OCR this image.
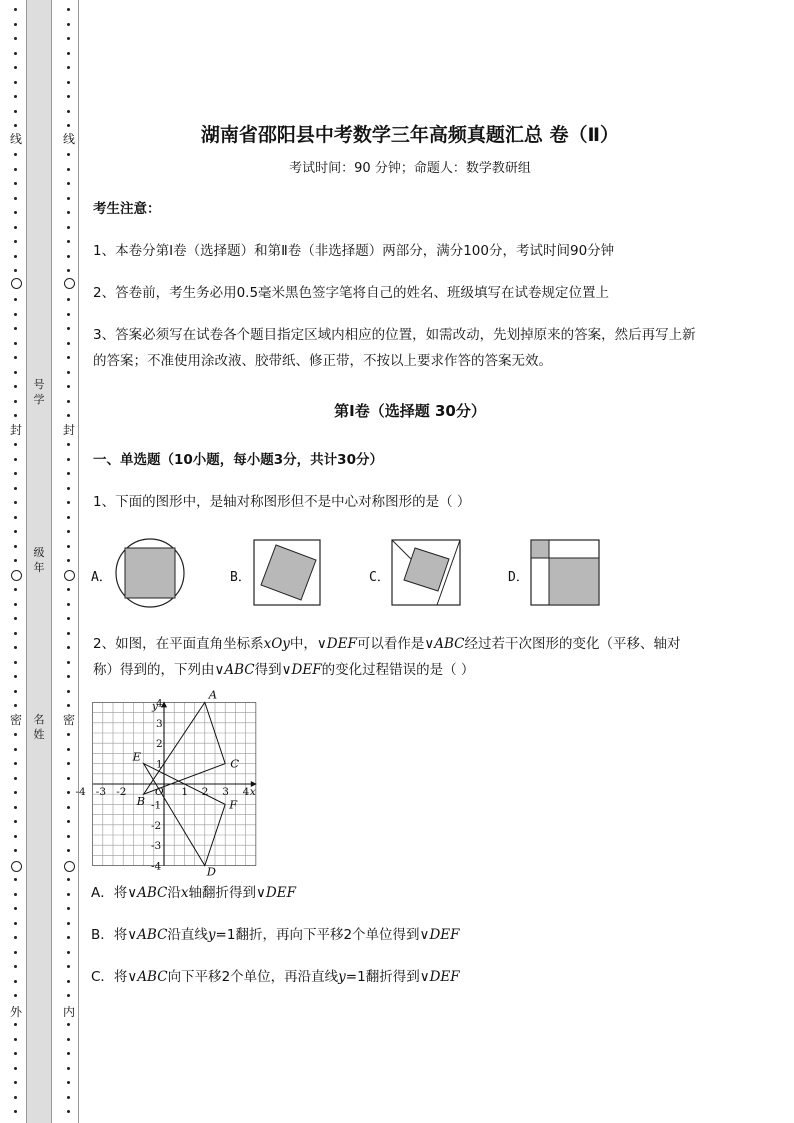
线
封
密
外
线
封
密
内
号
学
级
年
名
姓
湖南省邵阳县中考数学三年高频真题汇总 卷（Ⅱ）
考试时间：90 分钟；命题人：数学教研组
考生注意：
1、本卷分第Ⅰ卷（选择题）和第Ⅱ卷（非选择题）两部分，满分100分，考试时间90分钟
2、答卷前，考生务必用0.5毫米黑色签字笔将自己的姓名、班级填写在试卷规定位置上
3、答案必须写在试卷各个题目指定区域内相应的位置，如需改动，先划掉原来的答案，然后再写上新
的答案；不准使用涂改液、胶带纸、修正带，不按以上要求作答的答案无效。
第Ⅰ卷（选择题 30分）
一、单选题（10小题，每小题3分，共计30分）
1、下面的图形中，是轴对称图形但不是中心对称图形的是（ ）
A．	B．	C．	D．
2、如图，在平面直角坐标系xOy中，∨DEF可以看作是∨ABC经过若干次图形的变化（平移、轴对
称）得到的，下列由∨ABC得到∨DEF的变化过程错误的是（ ）
-4 -3 -2	1 2 3 4
4
3
2
1
-1
-2
-3
-4
O	x
y
A
B
C
D
E
F
A．将∨ABC沿x轴翻折得到∨DEF
B．将∨ABC沿直线y=1翻折，再向下平移2个单位得到∨DEF
C．将∨ABC向下平移2个单位，再沿直线y=1翻折得到∨DEF
